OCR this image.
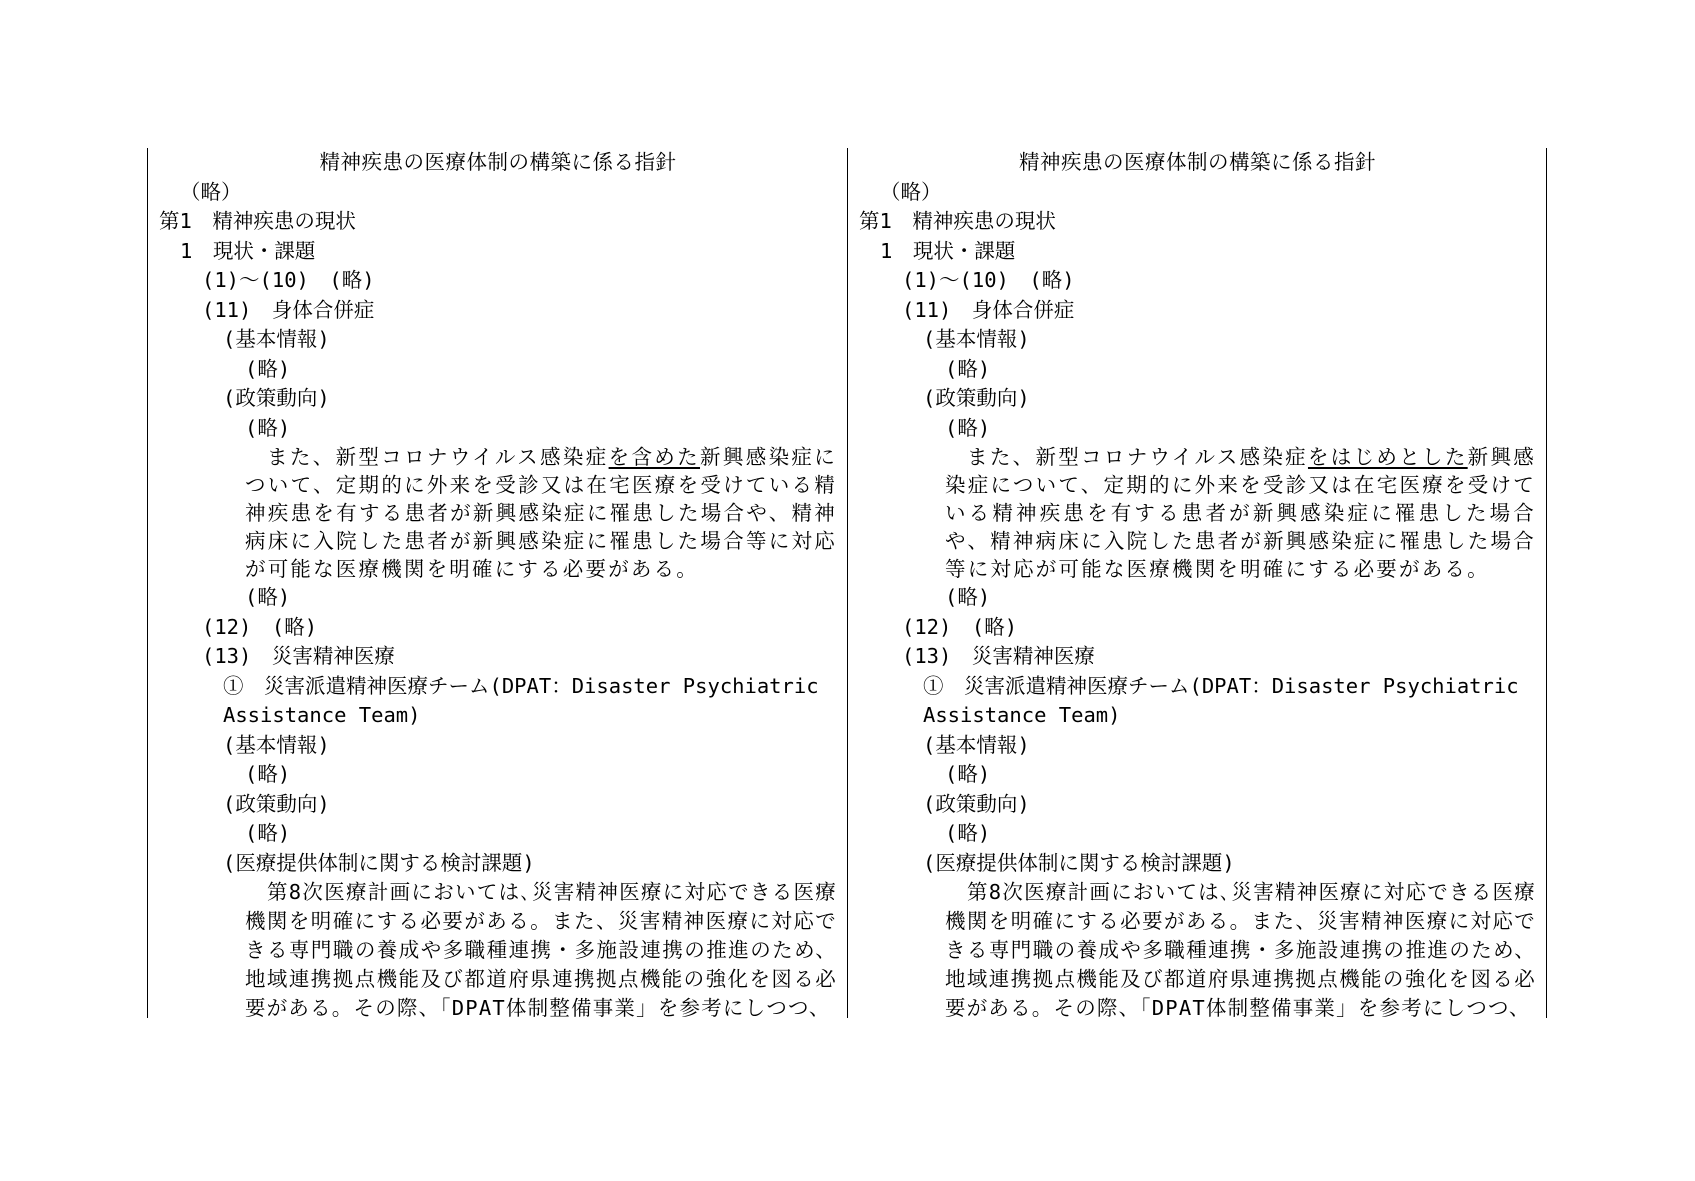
精神疾患の医療体制の構築に係る指針
（略）
第1　精神疾患の現状
1　現状・課題
(1)～(10)　(略)
(11)　身体合併症
(基本情報)
(略)
(政策動向)
(略)
また、新型コロナウイルス感染症を含めた新興感染症について、定期的に外来を受診又は在宅医療を受けている精神疾患を有する患者が新興感染症に罹患した場合や、精神病床に入院した患者が新興感染症に罹患した場合等に対応が可能な医療機関を明確にする必要がある。
(略)
(12)　(略)
(13)　災害精神医療
①　災害派遣精神医療チーム(DPAT：Disaster Psychiatric
Assistance Team)
(基本情報)
(略)
(政策動向)
(略)
(医療提供体制に関する検討課題)
第8次医療計画においては､災害精神医療に対応できる医療機関を明確にする必要がある。また、災害精神医療に対応できる専門職の養成や多職種連携・多施設連携の推進のため、地域連携拠点機能及び都道府県連携拠点機能の強化を図る必要がある。その際、「DPAT体制整備事業」を参考にしつつ、
精神疾患の医療体制の構築に係る指針
（略）
第1　精神疾患の現状
1　現状・課題
(1)～(10)　(略)
(11)　身体合併症
(基本情報)
(略)
(政策動向)
(略)
また、新型コロナウイルス感染症をはじめとした新興感染症について、定期的に外来を受診又は在宅医療を受けている精神疾患を有する患者が新興感染症に罹患した場合や、精神病床に入院した患者が新興感染症に罹患した場合等に対応が可能な医療機関を明確にする必要がある。
(略)
(12)　(略)
(13)　災害精神医療
①　災害派遣精神医療チーム(DPAT：Disaster Psychiatric
Assistance Team)
(基本情報)
(略)
(政策動向)
(略)
(医療提供体制に関する検討課題)
第8次医療計画においては､災害精神医療に対応できる医療機関を明確にする必要がある。また、災害精神医療に対応できる専門職の養成や多職種連携・多施設連携の推進のため、地域連携拠点機能及び都道府県連携拠点機能の強化を図る必要がある。その際、「DPAT体制整備事業」を参考にしつつ、
